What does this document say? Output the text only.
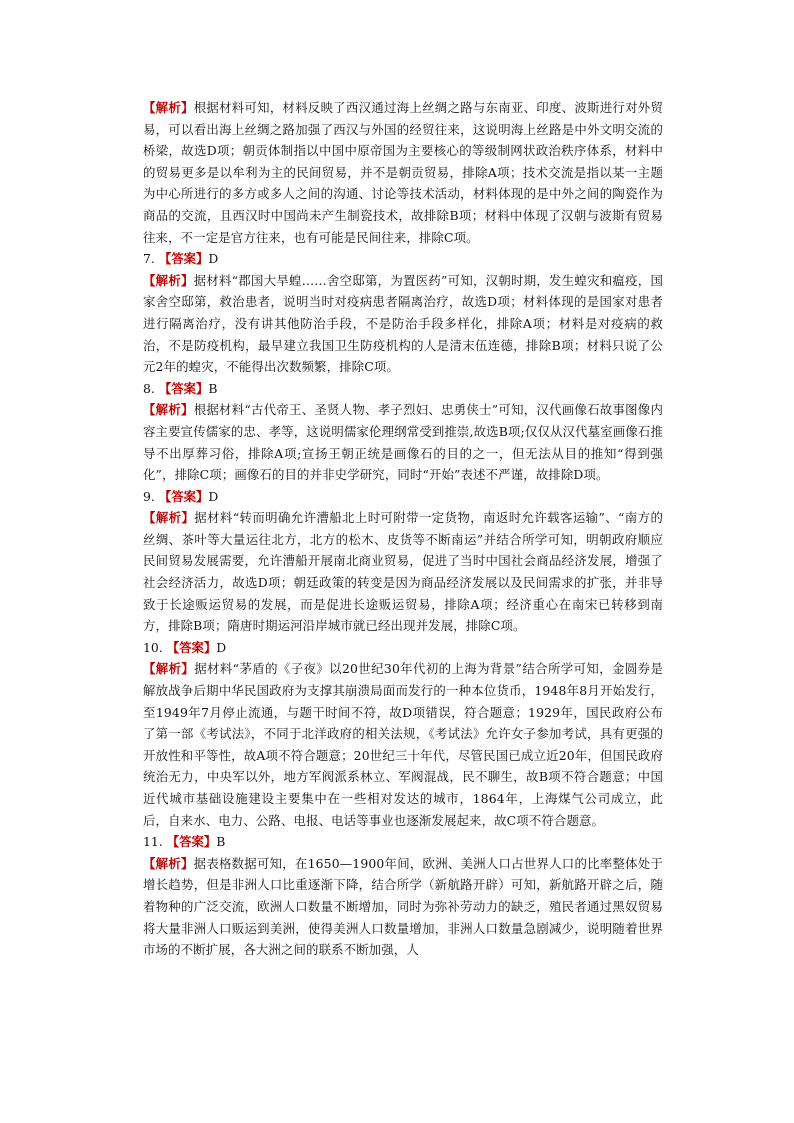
【解析】根据材料可知，材料反映了西汉通过海上丝绸之路与东南亚、印度、波斯进行对外贸易，可以看出海上丝绸之路加强了西汉与外国的经贸往来，这说明海上丝路是中外文明交流的桥梁，故选D项；朝贡体制指以中国中原帝国为主要核心的等级制网状政治秩序体系，材料中的贸易更多是以牟利为主的民间贸易，并不是朝贡贸易，排除A项；技术交流是指以某一主题为中心所进行的多方或多人之间的沟通、讨论等技术活动，材料体现的是中外之间的陶瓷作为商品的交流，且西汉时中国尚未产生制瓷技术，故排除B项；材料中体现了汉朝与波斯有贸易往来，不一定是官方往来，也有可能是民间往来，排除C项。
7. 【答案】D
【解析】据材料“郡国大旱蝗……舍空邸第，为置医药”可知，汉朝时期，发生蝗灾和瘟疫，国家舍空邸第，救治患者，说明当时对疫病患者隔离治疗，故选D项；材料体现的是国家对患者进行隔离治疗，没有讲其他防治手段，不是防治手段多样化，排除A项；材料是对疫病的救治，不是防疫机构，最早建立我国卫生防疫机构的人是清末伍连德，排除B项；材料只说了公元2年的蝗灾，不能得出次数频繁，排除C项。
8. 【答案】B
【解析】根据材料“古代帝王、圣贤人物、孝子烈妇、忠勇侠士”可知，汉代画像石故事图像内容主要宣传儒家的忠、孝等，这说明儒家伦理纲常受到推崇,故选B项;仅仅从汉代墓室画像石推导不出厚葬习俗，排除A项;宣扬王朝正统是画像石的目的之一，但无法从目的推知“得到强化”，排除C项；画像石的目的并非史学研究，同时“开始”表述不严谨，故排除D项。
9. 【答案】D
【解析】据材料“转而明确允许漕船北上时可附带一定货物，南返时允许载客运输”、“南方的丝绸、茶叶等大量运往北方，北方的松木、皮货等不断南运”并结合所学可知，明朝政府顺应民间贸易发展需要，允许漕船开展南北商业贸易，促进了当时中国社会商品经济发展，增强了社会经济活力，故选D项；朝廷政策的转变是因为商品经济发展以及民间需求的扩张，并非导致于长途贩运贸易的发展，而是促进长途贩运贸易，排除A项；经济重心在南宋已转移到南方，排除B项；隋唐时期运河沿岸城市就已经出现并发展，排除C项。
10. 【答案】D
【解析】据材料“茅盾的《子夜》以20世纪30年代初的上海为背景”结合所学可知，金圆券是解放战争后期中华民国政府为支撑其崩溃局面而发行的一种本位货币，1948年8月开始发行，至1949年7月停止流通，与题干时间不符，故D项错误，符合题意；1929年，国民政府公布了第一部《考试法》，不同于北洋政府的相关法规，《考试法》允许女子参加考试，具有更强的开放性和平等性，故A项不符合题意；20世纪三十年代，尽管民国已成立近20年，但国民政府统治无力，中央军以外，地方军阀派系林立、军阀混战，民不聊生，故B项不符合题意；中国近代城市基础设施建设主要集中在一些相对发达的城市，1864年，上海煤气公司成立，此后，自来水、电力、公路、电报、电话等事业也逐渐发展起来，故C项不符合题意。
11. 【答案】B
【解析】据表格数据可知，在1650—1900年间，欧洲、美洲人口占世界人口的比率整体处于增长趋势，但是非洲人口比重逐渐下降，结合所学（新航路开辟）可知，新航路开辟之后，随着物种的广泛交流，欧洲人口数量不断增加，同时为弥补劳动力的缺乏，殖民者通过黑奴贸易将大量非洲人口贩运到美洲，使得美洲人口数量增加，非洲人口数量急剧减少，说明随着世界市场的不断扩展，各大洲之间的联系不断加强，人
